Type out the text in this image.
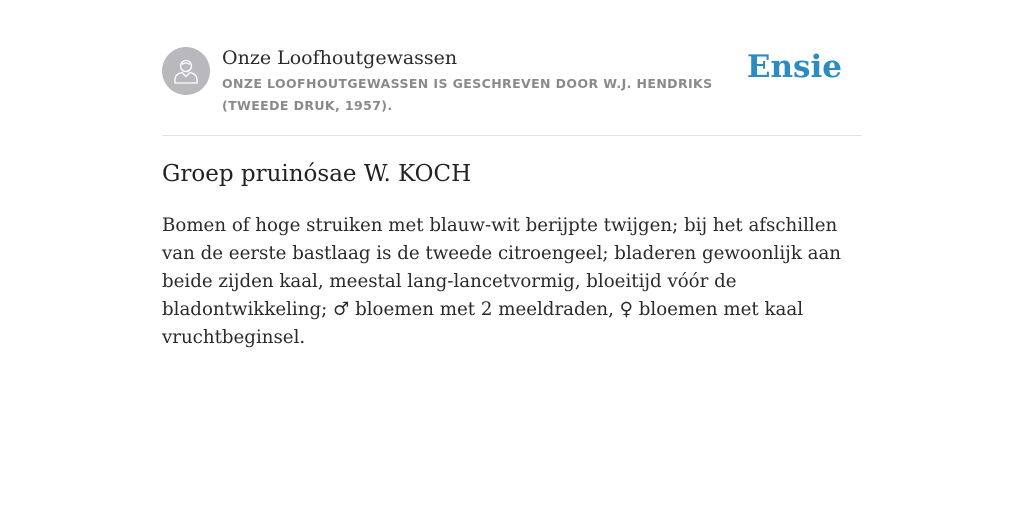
Onze Loofhoutgewassen
ONZE LOOFHOUTGEWASSEN IS GESCHREVEN DOOR W.J. HENDRIKS (TWEEDE DRUK, 1957).
Ensie
Groep pruinósae W. KOCH

Bomen of hoge struiken met blauw-wit berijpte twijgen; bij het afschillen van de eerste bastlaag is de tweede citroengeel; bladeren gewoonlijk aan beide zijden kaal, meestal lang-lancetvormig, bloeitijd vóór de bladontwikkeling; ♂ bloemen met 2 meeldraden, ♀ bloemen met kaal vruchtbeginsel.
